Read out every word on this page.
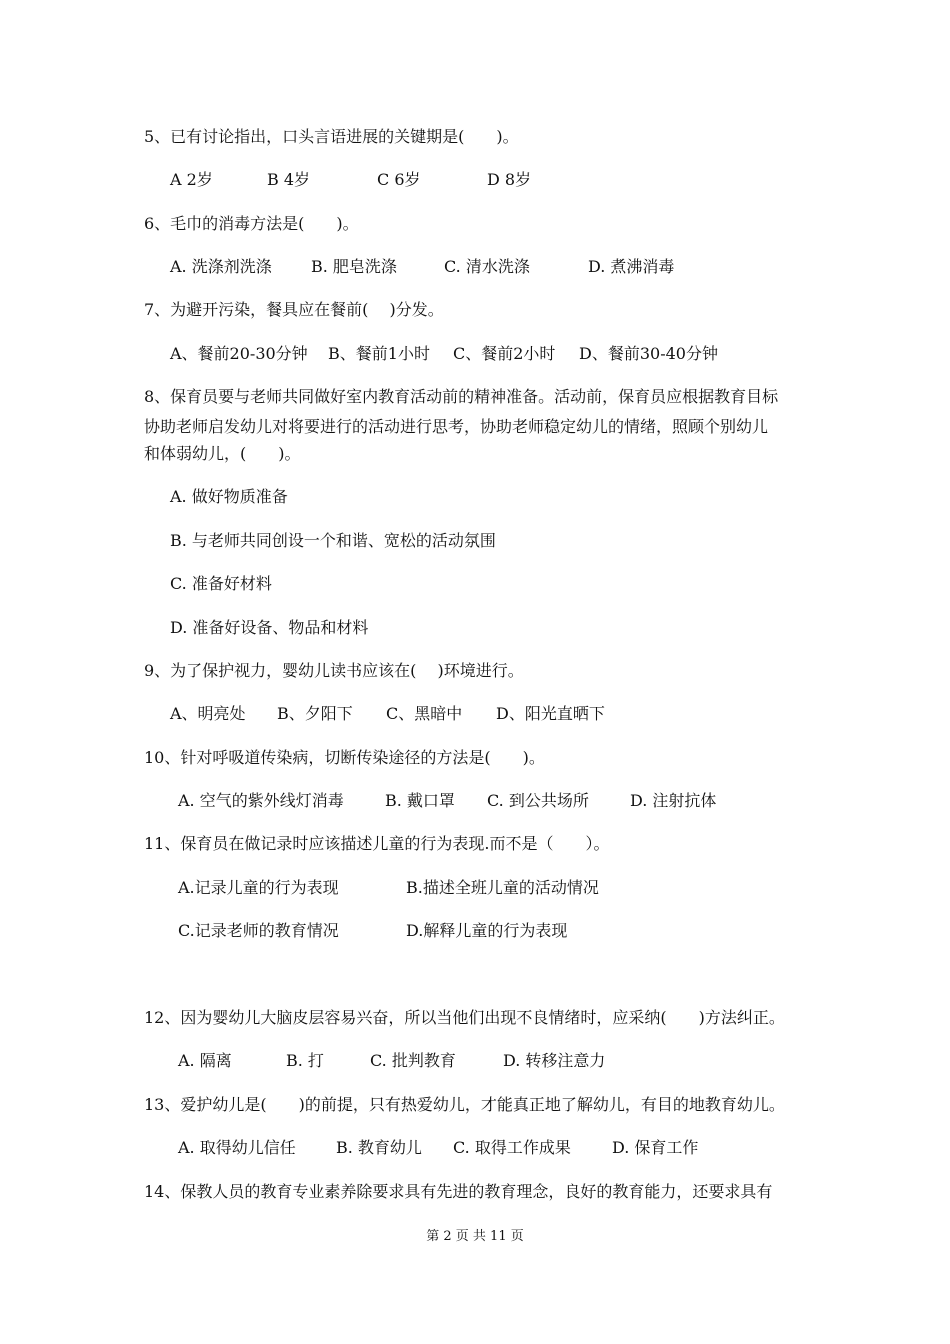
5、已有讨论指出，口头言语进展的关键期是(　　)。
A 2岁	B 4岁	C 6岁	D 8岁
6、毛巾的消毒方法是(　　)。
A. 洗涤剂洗涤 B. 肥皂洗涤	C. 清水洗涤	D. 煮沸消毒
7、为避开污染，餐具应在餐前(　 )分发。
A、餐前20-30分钟 B、餐前1小时 C、餐前2小时 D、餐前30-40分钟
8、保育员要与老师共同做好室内教育活动前的精神准备。活动前，保育员应根据教育目标
协助老师启发幼儿对将要进行的活动进行思考，协助老师稳定幼儿的情绪，照顾个别幼儿
和体弱幼儿，(　　)。
A. 做好物质准备
B. 与老师共同创设一个和谐、宽松的活动氛围
C. 准备好材料
D. 准备好设备、物品和材料
9、为了保护视力，婴幼儿读书应该在(　 )环境进行。
A、明亮处 B、夕阳下 C、黑暗中 D、阳光直晒下
10、针对呼吸道传染病，切断传染途径的方法是(　　)。
A. 空气的紫外线灯消毒	B. 戴口罩 C. 到公共场所	D. 注射抗体
11、保育员在做记录时应该描述儿童的行为表现.而不是（　　）。
A.记录儿童的行为表现	B.描述全班儿童的活动情况
C.记录老师的教育情况	D.解释儿童的行为表现
12、因为婴幼儿大脑皮层容易兴奋，所以当他们出现不良情绪时，应采纳(　　)方法纠正。
A. 隔离	B. 打	C. 批判教育	D. 转移注意力
13、爱护幼儿是(　　)的前提，只有热爱幼儿，才能真正地了解幼儿，有目的地教育幼儿。
A. 取得幼儿信任	B. 教育幼儿 C. 取得工作成果	D. 保育工作
14、保教人员的教育专业素养除要求具有先进的教育理念，良好的教育能力，还要求具有
第 2 页 共 11 页
